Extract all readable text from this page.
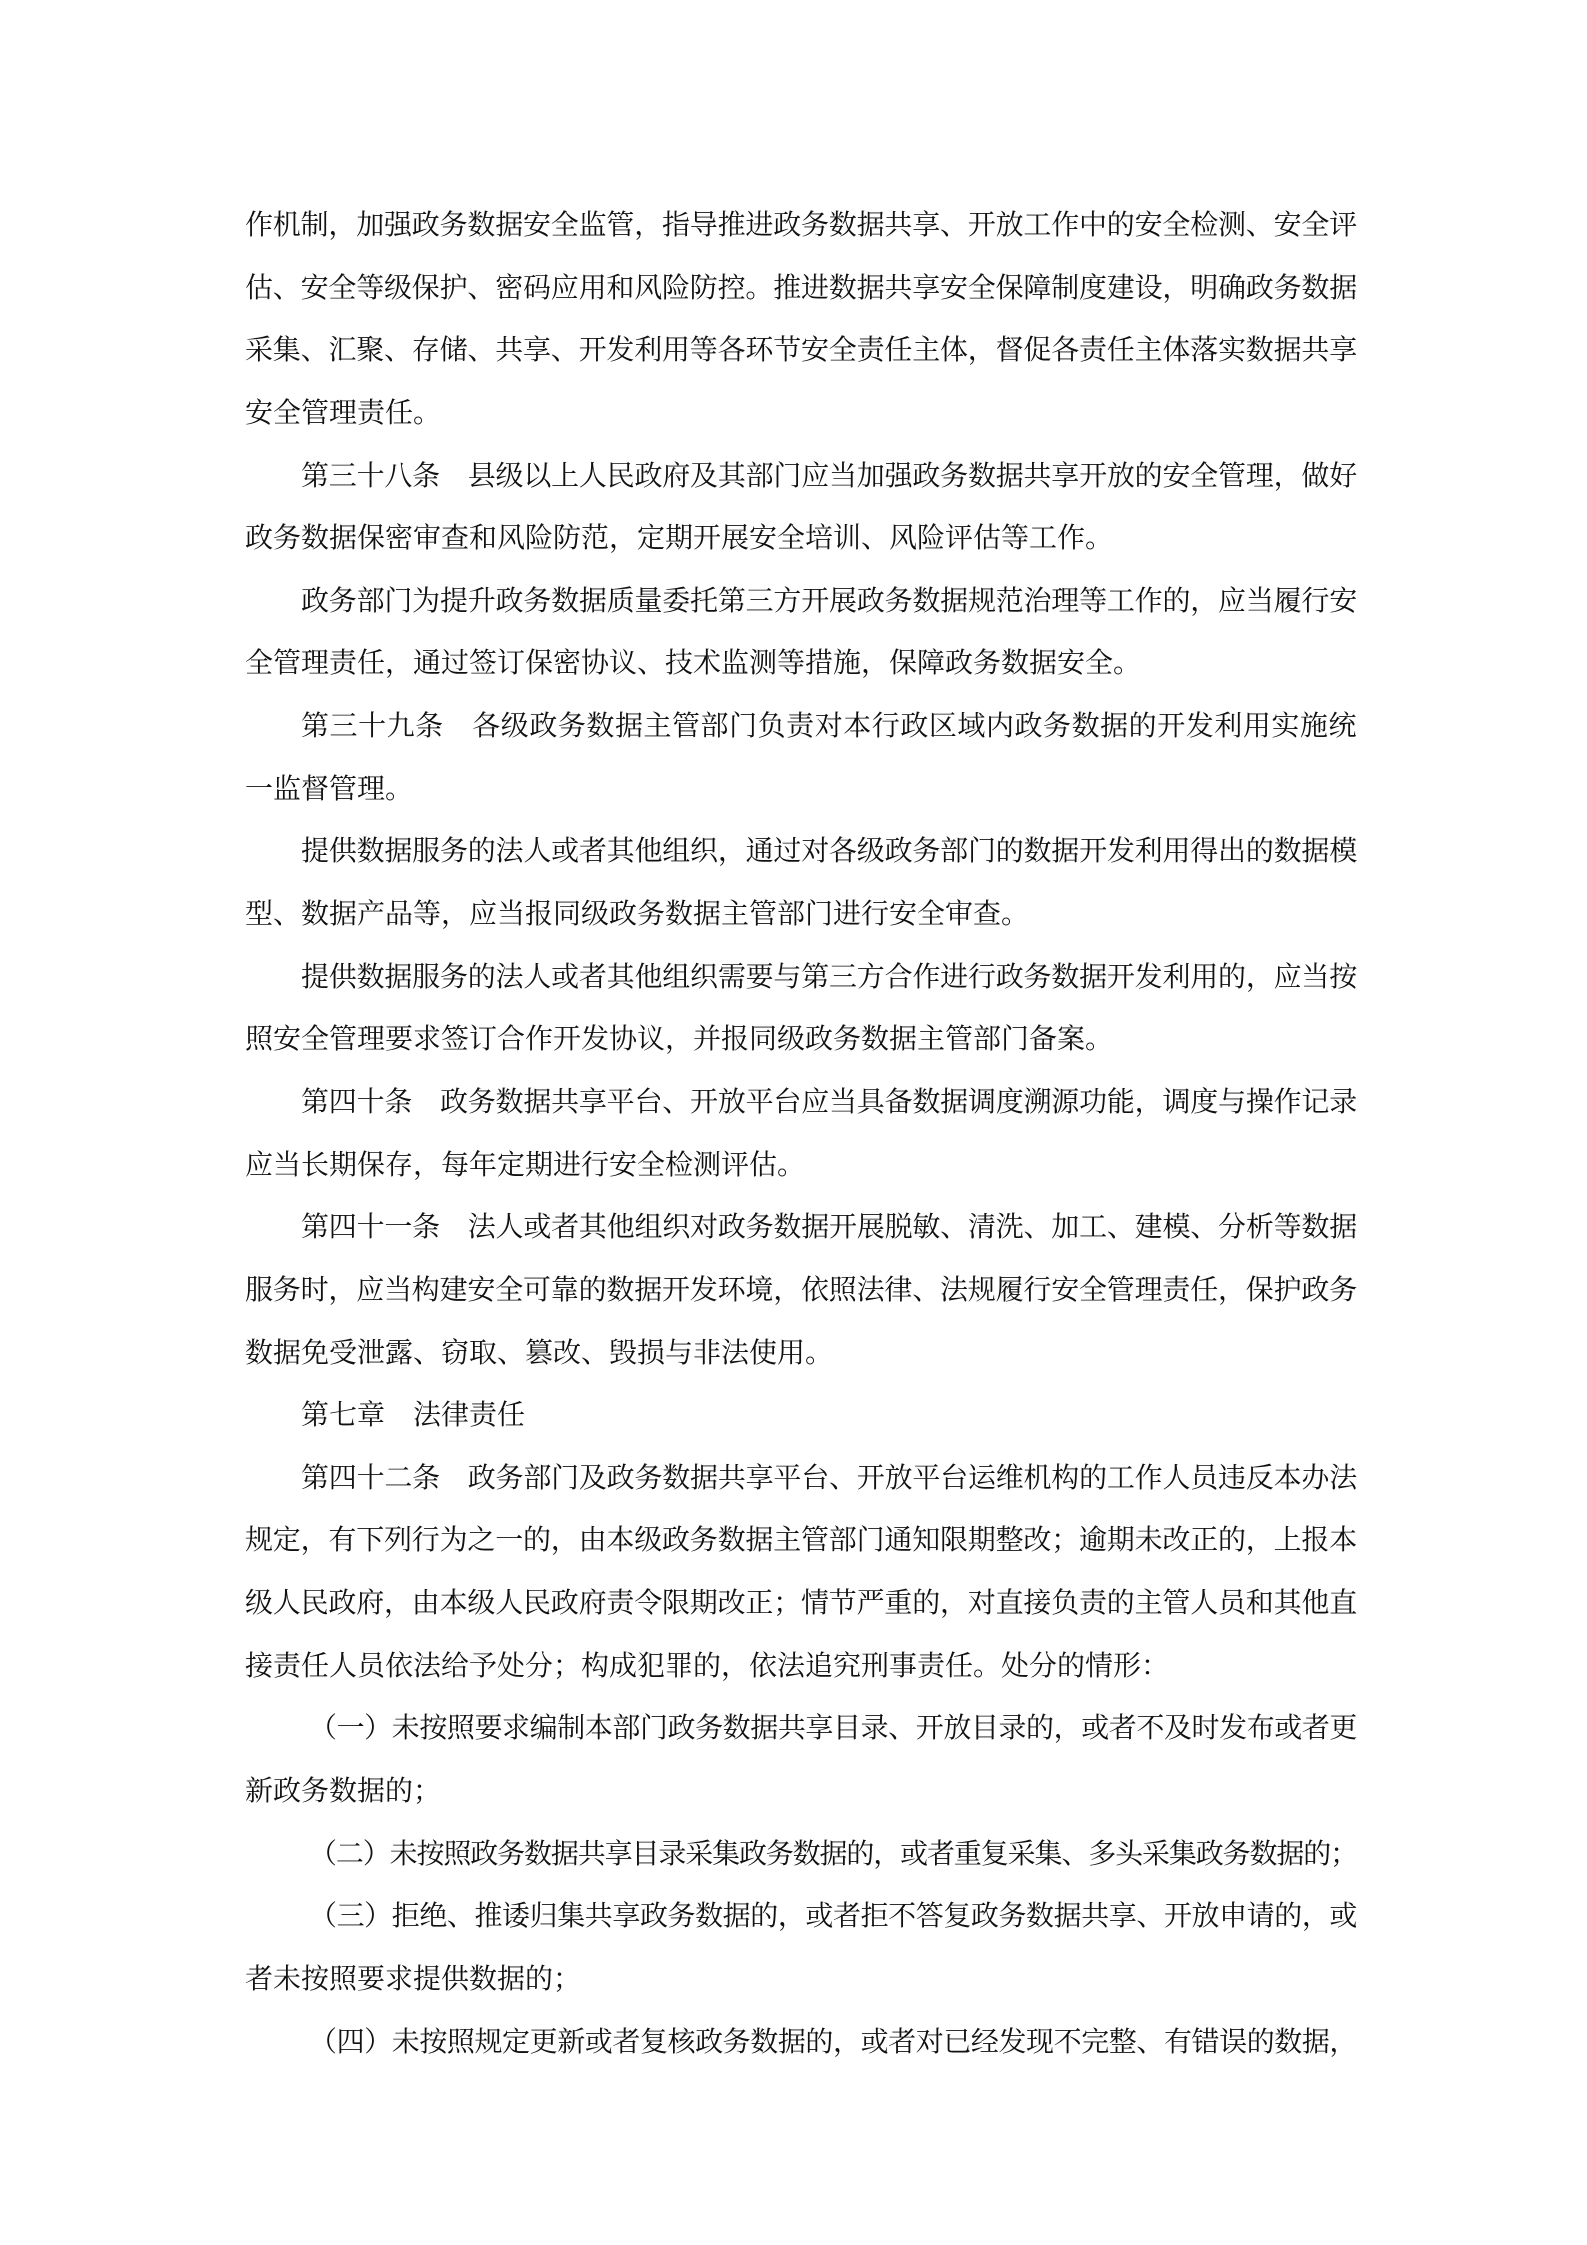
作机制，加强政务数据安全监管，指导推进政务数据共享、开放工作中的安全检测、安全评
估、安全等级保护、密码应用和风险防控。推进数据共享安全保障制度建设，明确政务数据
采集、汇聚、存储、共享、开发利用等各环节安全责任主体，督促各责任主体落实数据共享
安全管理责任。
第三十八条　县级以上人民政府及其部门应当加强政务数据共享开放的安全管理，做好
政务数据保密审查和风险防范，定期开展安全培训、风险评估等工作。
政务部门为提升政务数据质量委托第三方开展政务数据规范治理等工作的，应当履行安
全管理责任，通过签订保密协议、技术监测等措施，保障政务数据安全。
第三十九条　各级政务数据主管部门负责对本行政区域内政务数据的开发利用实施统
一监督管理。
提供数据服务的法人或者其他组织，通过对各级政务部门的数据开发利用得出的数据模
型、数据产品等，应当报同级政务数据主管部门进行安全审查。
提供数据服务的法人或者其他组织需要与第三方合作进行政务数据开发利用的，应当按
照安全管理要求签订合作开发协议，并报同级政务数据主管部门备案。
第四十条　政务数据共享平台、开放平台应当具备数据调度溯源功能，调度与操作记录
应当长期保存，每年定期进行安全检测评估。
第四十一条　法人或者其他组织对政务数据开展脱敏、清洗、加工、建模、分析等数据
服务时，应当构建安全可靠的数据开发环境，依照法律、法规履行安全管理责任，保护政务
数据免受泄露、窃取、篡改、毁损与非法使用。
第七章　法律责任
第四十二条　政务部门及政务数据共享平台、开放平台运维机构的工作人员违反本办法
规定，有下列行为之一的，由本级政务数据主管部门通知限期整改；逾期未改正的，上报本
级人民政府，由本级人民政府责令限期改正；情节严重的，对直接负责的主管人员和其他直
接责任人员依法给予处分；构成犯罪的，依法追究刑事责任。处分的情形：
（一）未按照要求编制本部门政务数据共享目录、开放目录的，或者不及时发布或者更
新政务数据的；
（二）未按照政务数据共享目录采集政务数据的，或者重复采集、多头采集政务数据的；
（三）拒绝、推诿归集共享政务数据的，或者拒不答复政务数据共享、开放申请的，或
者未按照要求提供数据的；
（四）未按照规定更新或者复核政务数据的，或者对已经发现不完整、有错误的数据，
